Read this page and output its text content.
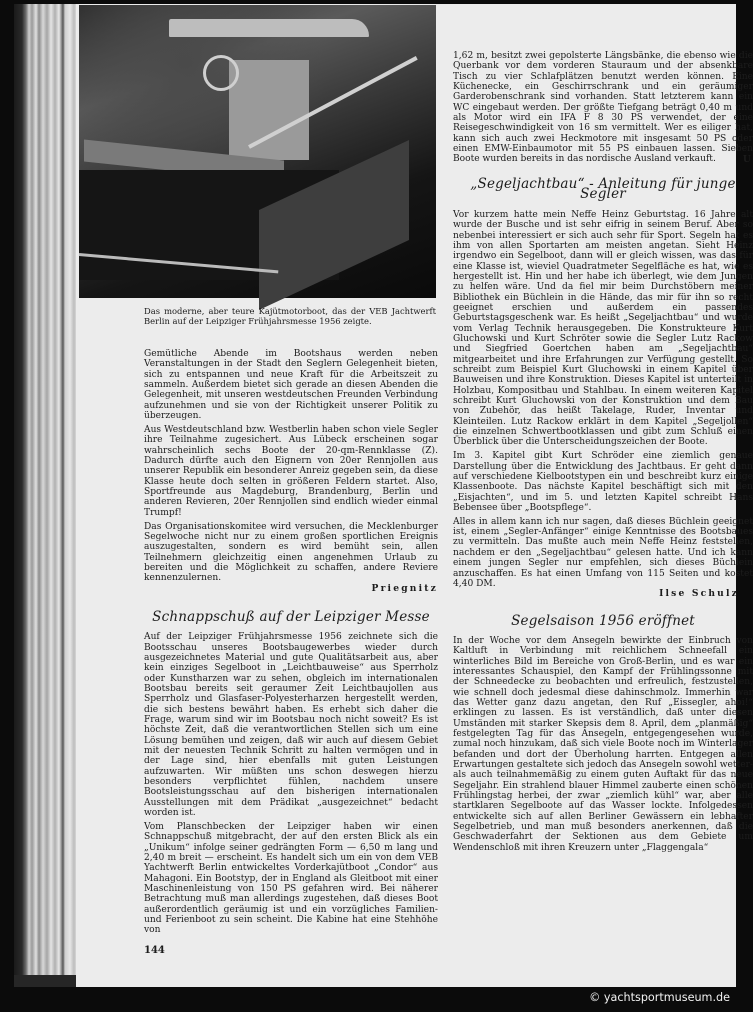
Das moderne, aber teure Kajütmotorboot, das der VEB Jachtwerft Berlin auf der Leipziger Frühjahrsmesse 1956 zeigte.

Gemütliche Abende im Bootshaus werden neben Veranstaltungen in der Stadt den Seglern Gelegenheit bieten, sich zu entspannen und neue Kraft für die Arbeitszeit zu sammeln. Außerdem bietet sich gerade an diesen Abenden die Gelegenheit, mit unseren westdeutschen Freunden Verbindung aufzunehmen und sie von der Richtigkeit unserer Politik zu überzeugen.

Aus Westdeutschland bzw. Westberlin haben schon viele Segler ihre Teilnahme zugesichert. Aus Lübeck erscheinen sogar wahrscheinlich sechs Boote der 20-qm-Rennklasse (Z). Dadurch dürfte auch den Eignern von 20er Rennjollen aus unserer Republik ein besonderer Anreiz gegeben sein, da diese Klasse heute doch selten in größeren Feldern startet. Also, Sportfreunde aus Magdeburg, Brandenburg, Berlin und anderen Revieren, 20er Rennjollen sind endlich wieder einmal Trumpf!

Das Organisationskomitee wird versuchen, die Mecklenburger Segelwoche nicht nur zu einem großen sportlichen Ereignis auszugestalten, sondern es wird bemüht sein, allen Teilnehmern gleichzeitig einen angenehmen Urlaub zu bereiten und die Möglichkeit zu schaffen, andere Reviere kennenzulernen.

Priegnitz
Schnappschuß auf der Leipziger Messe

Auf der Leipziger Frühjahrsmesse 1956 zeichnete sich die Bootsschau unseres Bootsbaugewerbes wieder durch ausgezeichnetes Material und gute Qualitätsarbeit aus, aber kein einziges Segelboot in „Leichtbauweise“ aus Sperrholz oder Kunstharzen war zu sehen, obgleich im internationalen Bootsbau bereits seit geraumer Zeit Leichtbaujollen aus Sperrholz und Glasfaser-Polyesterharzen hergestellt werden, die sich bestens bewährt haben. Es erhebt sich daher die Frage, warum sind wir im Bootsbau noch nicht soweit? Es ist höchste Zeit, daß die verantwortlichen Stellen sich um eine Lösung bemühen und zeigen, daß wir auch auf diesem Gebiet mit der neuesten Technik Schritt zu halten vermögen und in der Lage sind, hier ebenfalls mit guten Leistungen aufzuwarten. Wir müßten uns schon deswegen hierzu besonders verpflichtet fühlen, nachdem unsere Bootsleistungsschau auf den bisherigen internationalen Ausstellungen mit dem Prädikat „ausgezeichnet“ bedacht worden ist.

Vom Planschbecken der Leipziger haben wir einen Schnappschuß mitgebracht, der auf den ersten Blick als ein „Unikum“ infolge seiner gedrängten Form — 6,50 m lang und 2,40 m breit — erscheint. Es handelt sich um ein von dem VEB Yachtwerft Berlin entwickeltes Vorderkajütboot „Condor“ aus Mahagoni. Ein Bootstyp, der in England als Gleitboot mit einer Maschinenleistung von 150 PS gefahren wird. Bei näherer Betrachtung muß man allerdings zugestehen, daß dieses Boot außerordentlich geräumig ist und ein vorzügliches Familien- und Ferienboot zu sein scheint. Die Kabine hat eine Stehhöhe von

1,62 m, besitzt zwei gepolsterte Längsbänke, die ebenso wie die Querbank vor dem vorderen Stauraum und der absenkbare Tisch zu vier Schlafplätzen benutzt werden können. Eine Küchenecke, ein Geschirrschrank und ein geräumiger Garderobenschrank sind vorhanden. Statt letzterem kann ein WC eingebaut werden. Der größte Tiefgang beträgt 0,40 m und als Motor wird ein IFA F 8 30 PS verwendet, der eine Reisegeschwindigkeit von 16 sm vermittelt. Wer es eiliger hat, kann sich auch zwei Heckmotore mit insgesamt 50 PS oder einen EMW-Einbaumotor mit 55 PS einbauen lassen. Sieben Boote wurden bereits in das nordische Ausland verkauft.	U
„Segeljachtbau“ - Anleitung für junge Segler

Vor kurzem hatte mein Neffe Heinz Geburtstag. 16 Jahre alt wurde der Busche und ist sehr eifrig in seinem Beruf. Aber so nebenbei interessiert er sich auch sehr für Sport. Segeln hat es ihm von allen Sportarten am meisten angetan. Sieht Heinz irgendwo ein Segelboot, dann will er gleich wissen, was das für eine Klasse ist, wieviel Quadratmeter Segelfläche es hat, wie es hergestellt ist. Hin und her habe ich überlegt, wie dem Jungen zu helfen wäre. Und da fiel mir beim Durchstöbern meiner Bibliothek ein Büchlein in die Hände, das mir für ihn so recht geeignet erschien und außerdem ein passendes Geburtstagsgeschenk war. Es heißt „Segeljachtbau“ und wurde vom Verlag Technik herausgegeben. Die Konstrukteure Kurt Gluchowski und Kurt Schröter sowie die Segler Lutz Rackow und Siegfried Goertchen haben am „Segeljachtbau“ mitgearbeitet und ihre Erfahrungen zur Verfügung gestellt. So schreibt zum Beispiel Kurt Gluchowski in einem Kapitel über Bauweisen und ihre Konstruktion. Dieses Kapitel ist unterteilt in Holzbau, Kompositbau und Stahlbau. In einem weiteren Kapitel schreibt Kurt Gluchowski von der Konstruktion und dem Bau von Zubehör, das heißt Takelage, Ruder, Inventar und Kleinteilen. Lutz Rackow erklärt in dem Kapitel „Segeljollen“ die einzelnen Schwertbootklassen und gibt zum Schluß einen Überblick über die Unterscheidungszeichen der Boote.

Im 3. Kapitel gibt Kurt Schröder eine ziemlich genaue Darstellung über die Entwicklung des Jachtbaus. Er geht dann auf verschiedene Kielbootstypen ein und beschreibt kurz einige Klassenboote. Das nächste Kapitel beschäftigt sich mit den „Eisjachten“, und im 5. und letzten Kapitel schreibt Hans Bebensee über „Bootspflege“.

Alles in allem kann ich nur sagen, daß dieses Büchlein geeignet ist, einem „Segler-Anfänger“ einige Kenntnisse des Bootsbaues zu vermitteln. Das mußte auch mein Neffe Heinz feststellen, nachdem er den „Segeljachtbau“ gelesen hatte. Und ich kann einem jungen Segler nur empfehlen, sich dieses Büchlein anzuschaffen. Es hat einen Umfang von 115 Seiten und kostet 4,40 DM.

Ilse Schulz
Segelsaison 1956 eröffnet

In der Woche vor dem Ansegeln bewirkte der Einbruch von Kaltluft in Verbindung mit reichlichem Schneefall ein winterliches Bild im Bereiche von Groß-Berlin, und es war ein interessantes Schauspiel, den Kampf der Frühlingssonne mit der Schneedecke zu beobachten und erfreulich, festzustellen, wie schnell doch jedesmal diese dahinschmolz. Immerhin war das Wetter ganz dazu angetan, den Ruf „Eissegler, ahoi!“ erklingen zu lassen. Es ist verständlich, daß unter diesen Umständen mit starker Skepsis dem 8. April, dem „planmäßig“ festgelegten Tag für das Ansegeln, entgegengesehen wurde, zumal noch hinzukam, daß sich viele Boote noch im Winterlager befanden und dort der Überholung harrten. Entgegen allen Erwartungen gestaltete sich jedoch das Ansegeln sowohl wetter- als auch teilnahmemäßig zu einem guten Auftakt für das neue Segeljahr. Ein strahlend blauer Himmel zauberte einen schönen Frühlingstag herbei, der zwar „ziemlich kühl“ war, aber alle startklaren Segelboote auf das Wasser lockte. Infolgedessen entwickelte sich auf allen Berliner Gewässern ein lebhafter Segelbetrieb, und man muß besonders anerkennen, daß die Geschwaderfahrt der Sektionen aus dem Gebiete um Wendenschloß mit ihren Kreuzern unter „Flaggengala“

144
© yachtsportmuseum.de
